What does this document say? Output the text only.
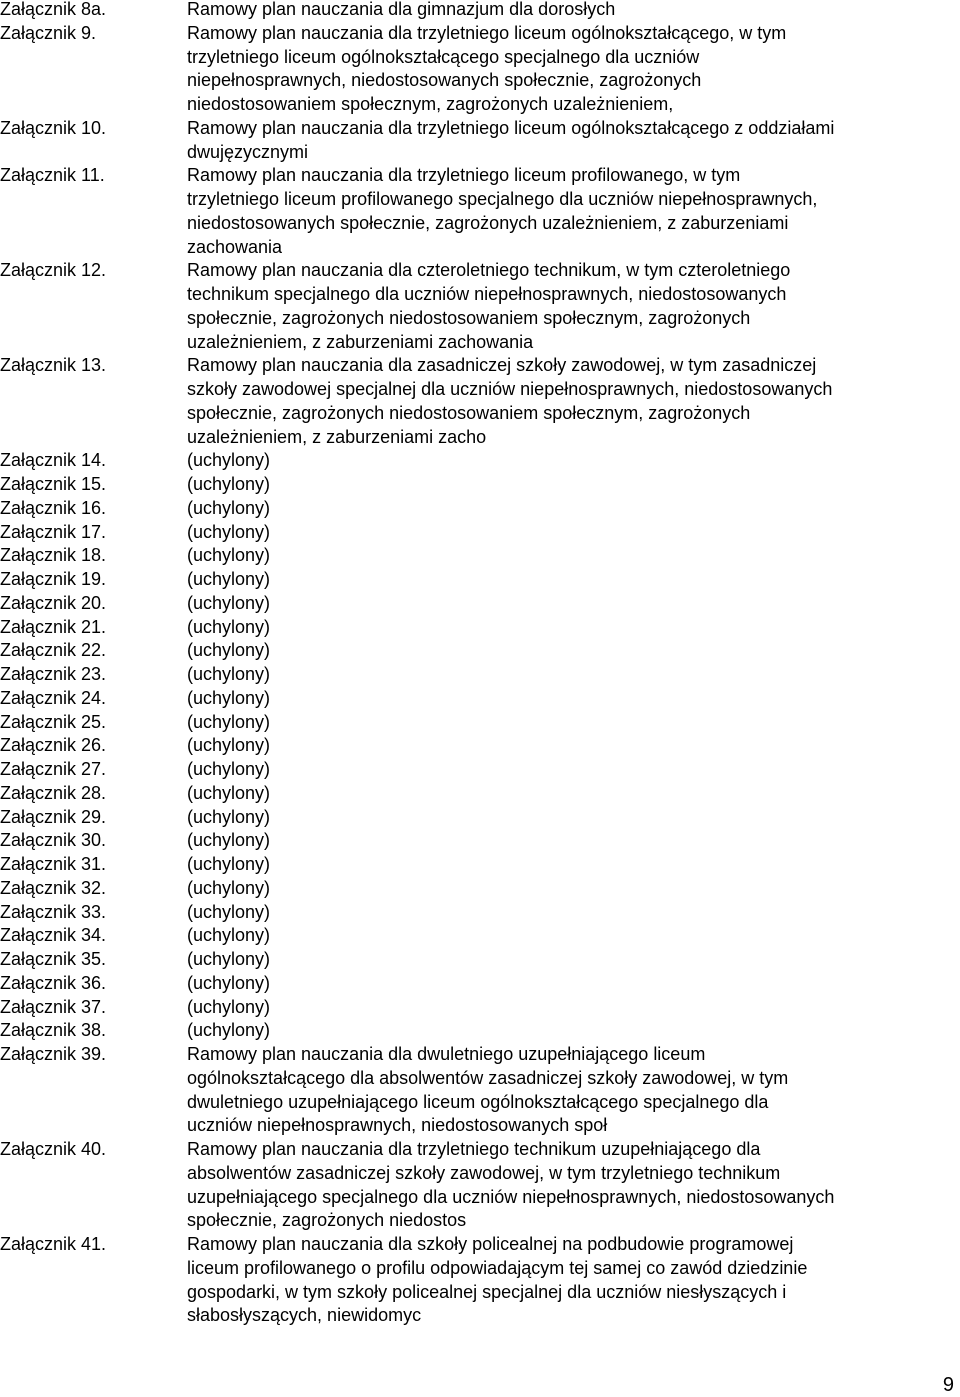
Załącznik 8a.	Ramowy plan nauczania dla gimnazjum dla dorosłych
Załącznik 9.	Ramowy plan nauczania dla trzyletniego liceum ogólnokształcącego, w tym
trzyletniego liceum ogólnokształcącego specjalnego dla uczniów
niepełnosprawnych, niedostosowanych społecznie, zagrożonych
niedostosowaniem społecznym, zagrożonych uzależnieniem,
Załącznik 10.	Ramowy plan nauczania dla trzyletniego liceum ogólnokształcącego z oddziałami
dwujęzycznymi
Załącznik 11.	Ramowy plan nauczania dla trzyletniego liceum profilowanego, w tym
trzyletniego liceum profilowanego specjalnego dla uczniów niepełnosprawnych,
niedostosowanych społecznie, zagrożonych uzależnieniem, z zaburzeniami
zachowania
Załącznik 12.	Ramowy plan nauczania dla czteroletniego technikum, w tym czteroletniego
technikum specjalnego dla uczniów niepełnosprawnych, niedostosowanych
społecznie, zagrożonych niedostosowaniem społecznym, zagrożonych
uzależnieniem, z zaburzeniami zachowania
Załącznik 13.	Ramowy plan nauczania dla zasadniczej szkoły zawodowej, w tym zasadniczej
szkoły zawodowej specjalnej dla uczniów niepełnosprawnych, niedostosowanych
społecznie, zagrożonych niedostosowaniem społecznym, zagrożonych
uzależnieniem, z zaburzeniami zacho
Załącznik 14.	(uchylony)
Załącznik 15.	(uchylony)
Załącznik 16.	(uchylony)
Załącznik 17.	(uchylony)
Załącznik 18.	(uchylony)
Załącznik 19.	(uchylony)
Załącznik 20.	(uchylony)
Załącznik 21.	(uchylony)
Załącznik 22.	(uchylony)
Załącznik 23.	(uchylony)
Załącznik 24.	(uchylony)
Załącznik 25.	(uchylony)
Załącznik 26.	(uchylony)
Załącznik 27.	(uchylony)
Załącznik 28.	(uchylony)
Załącznik 29.	(uchylony)
Załącznik 30.	(uchylony)
Załącznik 31.	(uchylony)
Załącznik 32.	(uchylony)
Załącznik 33.	(uchylony)
Załącznik 34.	(uchylony)
Załącznik 35.	(uchylony)
Załącznik 36.	(uchylony)
Załącznik 37.	(uchylony)
Załącznik 38.	(uchylony)
Załącznik 39.	Ramowy plan nauczania dla dwuletniego uzupełniającego liceum
ogólnokształcącego dla absolwentów zasadniczej szkoły zawodowej, w tym
dwuletniego uzupełniającego liceum ogólnokształcącego specjalnego dla
uczniów niepełnosprawnych, niedostosowanych społ
Załącznik 40.	Ramowy plan nauczania dla trzyletniego technikum uzupełniającego dla
absolwentów zasadniczej szkoły zawodowej, w tym trzyletniego technikum
uzupełniającego specjalnego dla uczniów niepełnosprawnych, niedostosowanych
społecznie, zagrożonych niedostos
Załącznik 41.	Ramowy plan nauczania dla szkoły policealnej na podbudowie programowej
liceum profilowanego o profilu odpowiadającym tej samej co zawód dziedzinie
gospodarki, w tym szkoły policealnej specjalnej dla uczniów niesłyszących i
słabosłyszących, niewidomyc
9
